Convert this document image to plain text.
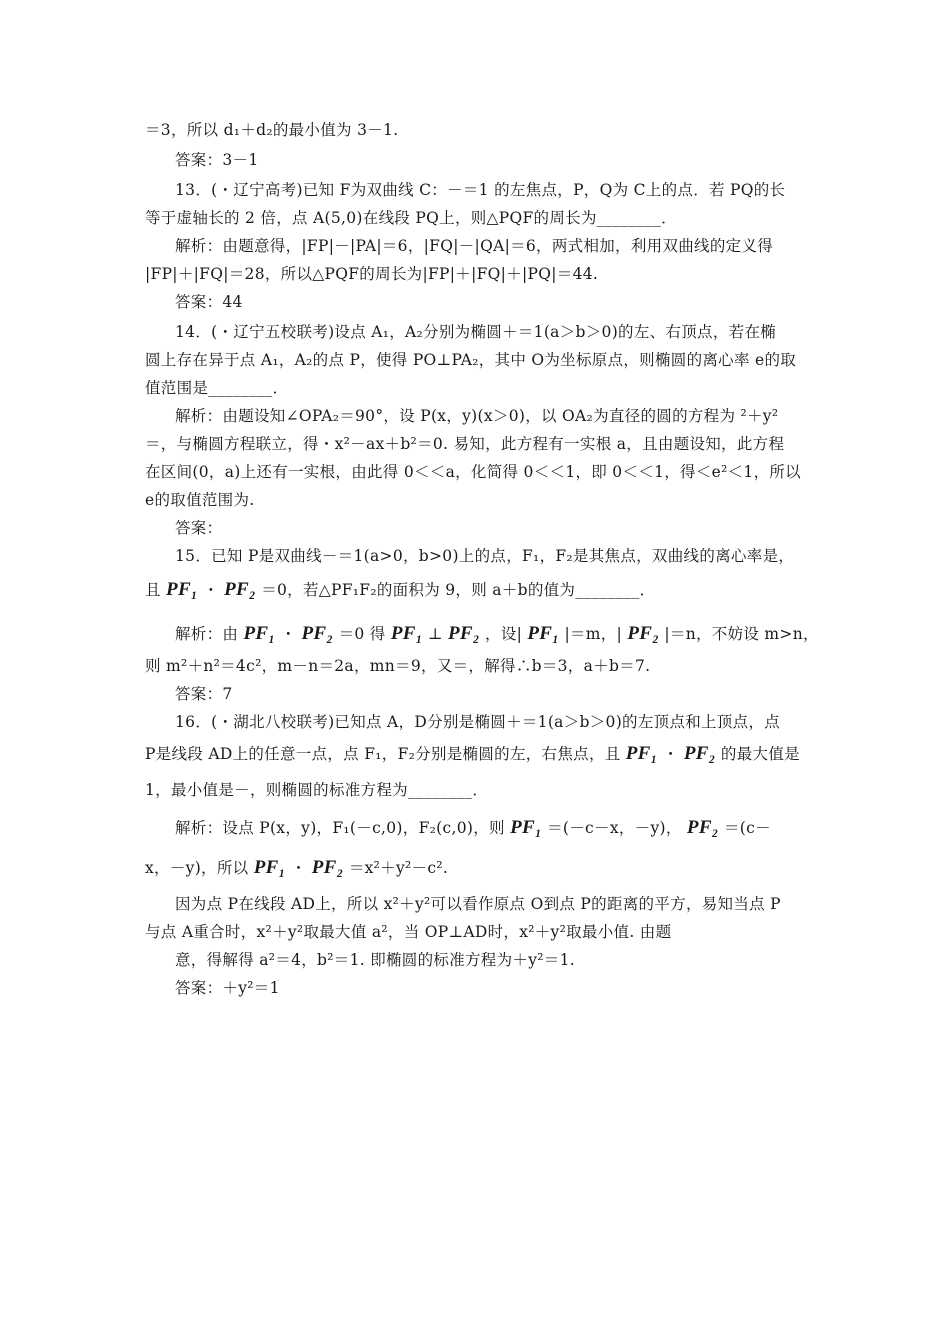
＝3，所以 d₁＋d₂的最小值为 3－1.
答案：3－1
13．(・辽宁高考)已知 F为双曲线 C：－＝1 的左焦点，P，Q为 C上的点．若 PQ的长
等于虚轴长的 2 倍，点 A(5,0)在线段 PQ上，则△PQF的周长为________．
解析：由题意得，|FP|－|PA|＝6，|FQ|－|QA|＝6，两式相加，利用双曲线的定义得
|FP|＋|FQ|＝28，所以△PQF的周长为|FP|＋|FQ|＋|PQ|＝44.
答案：44
14．(・辽宁五校联考)设点 A₁，A₂分别为椭圆＋＝1(a＞b＞0)的左、右顶点，若在椭
圆上存在异于点 A₁，A₂的点 P，使得 PO⊥PA₂，其中 O为坐标原点，则椭圆的离心率 e的取
值范围是________．
解析：由题设知∠OPA₂＝90°，设 P(x，y)(x＞0)，以 OA₂为直径的圆的方程为 ²＋y²
＝，与椭圆方程联立，得・x²－ax＋b²＝0. 易知，此方程有一实根 a，且由题设知，此方程
在区间(0，a)上还有一实根，由此得 0＜＜a，化简得 0＜＜1，即 0＜＜1，得＜e²＜1，所以
e的取值范围为.
答案：
15．已知 P是双曲线－＝1(a>0，b>0)上的点，F₁，F₂是其焦点，双曲线的离心率是，
且 PF₁ ・ PF₂ ＝0，若△PF₁F₂的面积为 9，则 a＋b的值为________．
解析：由 PF₁ ・ PF₂ ＝0 得 PF₁ ⊥ PF₂ ，设| PF₁ |＝m，| PF₂ |＝n，不妨设 m>n，
则 m²＋n²＝4c²，m－n＝2a，mn＝9，又＝，解得∴b＝3，a＋b＝7.
答案：7
16．(・湖北八校联考)已知点 A，D分别是椭圆＋＝1(a＞b＞0)的左顶点和上顶点，点
P是线段 AD上的任意一点，点 F₁，F₂分别是椭圆的左，右焦点，且 PF₁ ・ PF₂ 的最大值是
1，最小值是－，则椭圆的标准方程为________．
解析：设点 P(x，y)，F₁(－c,0)，F₂(c,0)，则 PF₁ ＝(－c－x，－y)， PF₂ ＝(c－
x，－y)，所以 PF₁ ・ PF₂ ＝x²＋y²－c².
因为点 P在线段 AD上，所以 x²＋y²可以看作原点 O到点 P的距离的平方，易知当点 P
与点 A重合时，x²＋y²取最大值 a²，当 OP⊥AD时，x²＋y²取最小值. 由题
意，得解得 a²＝4，b²＝1. 即椭圆的标准方程为＋y²＝1.
答案：＋y²＝1
